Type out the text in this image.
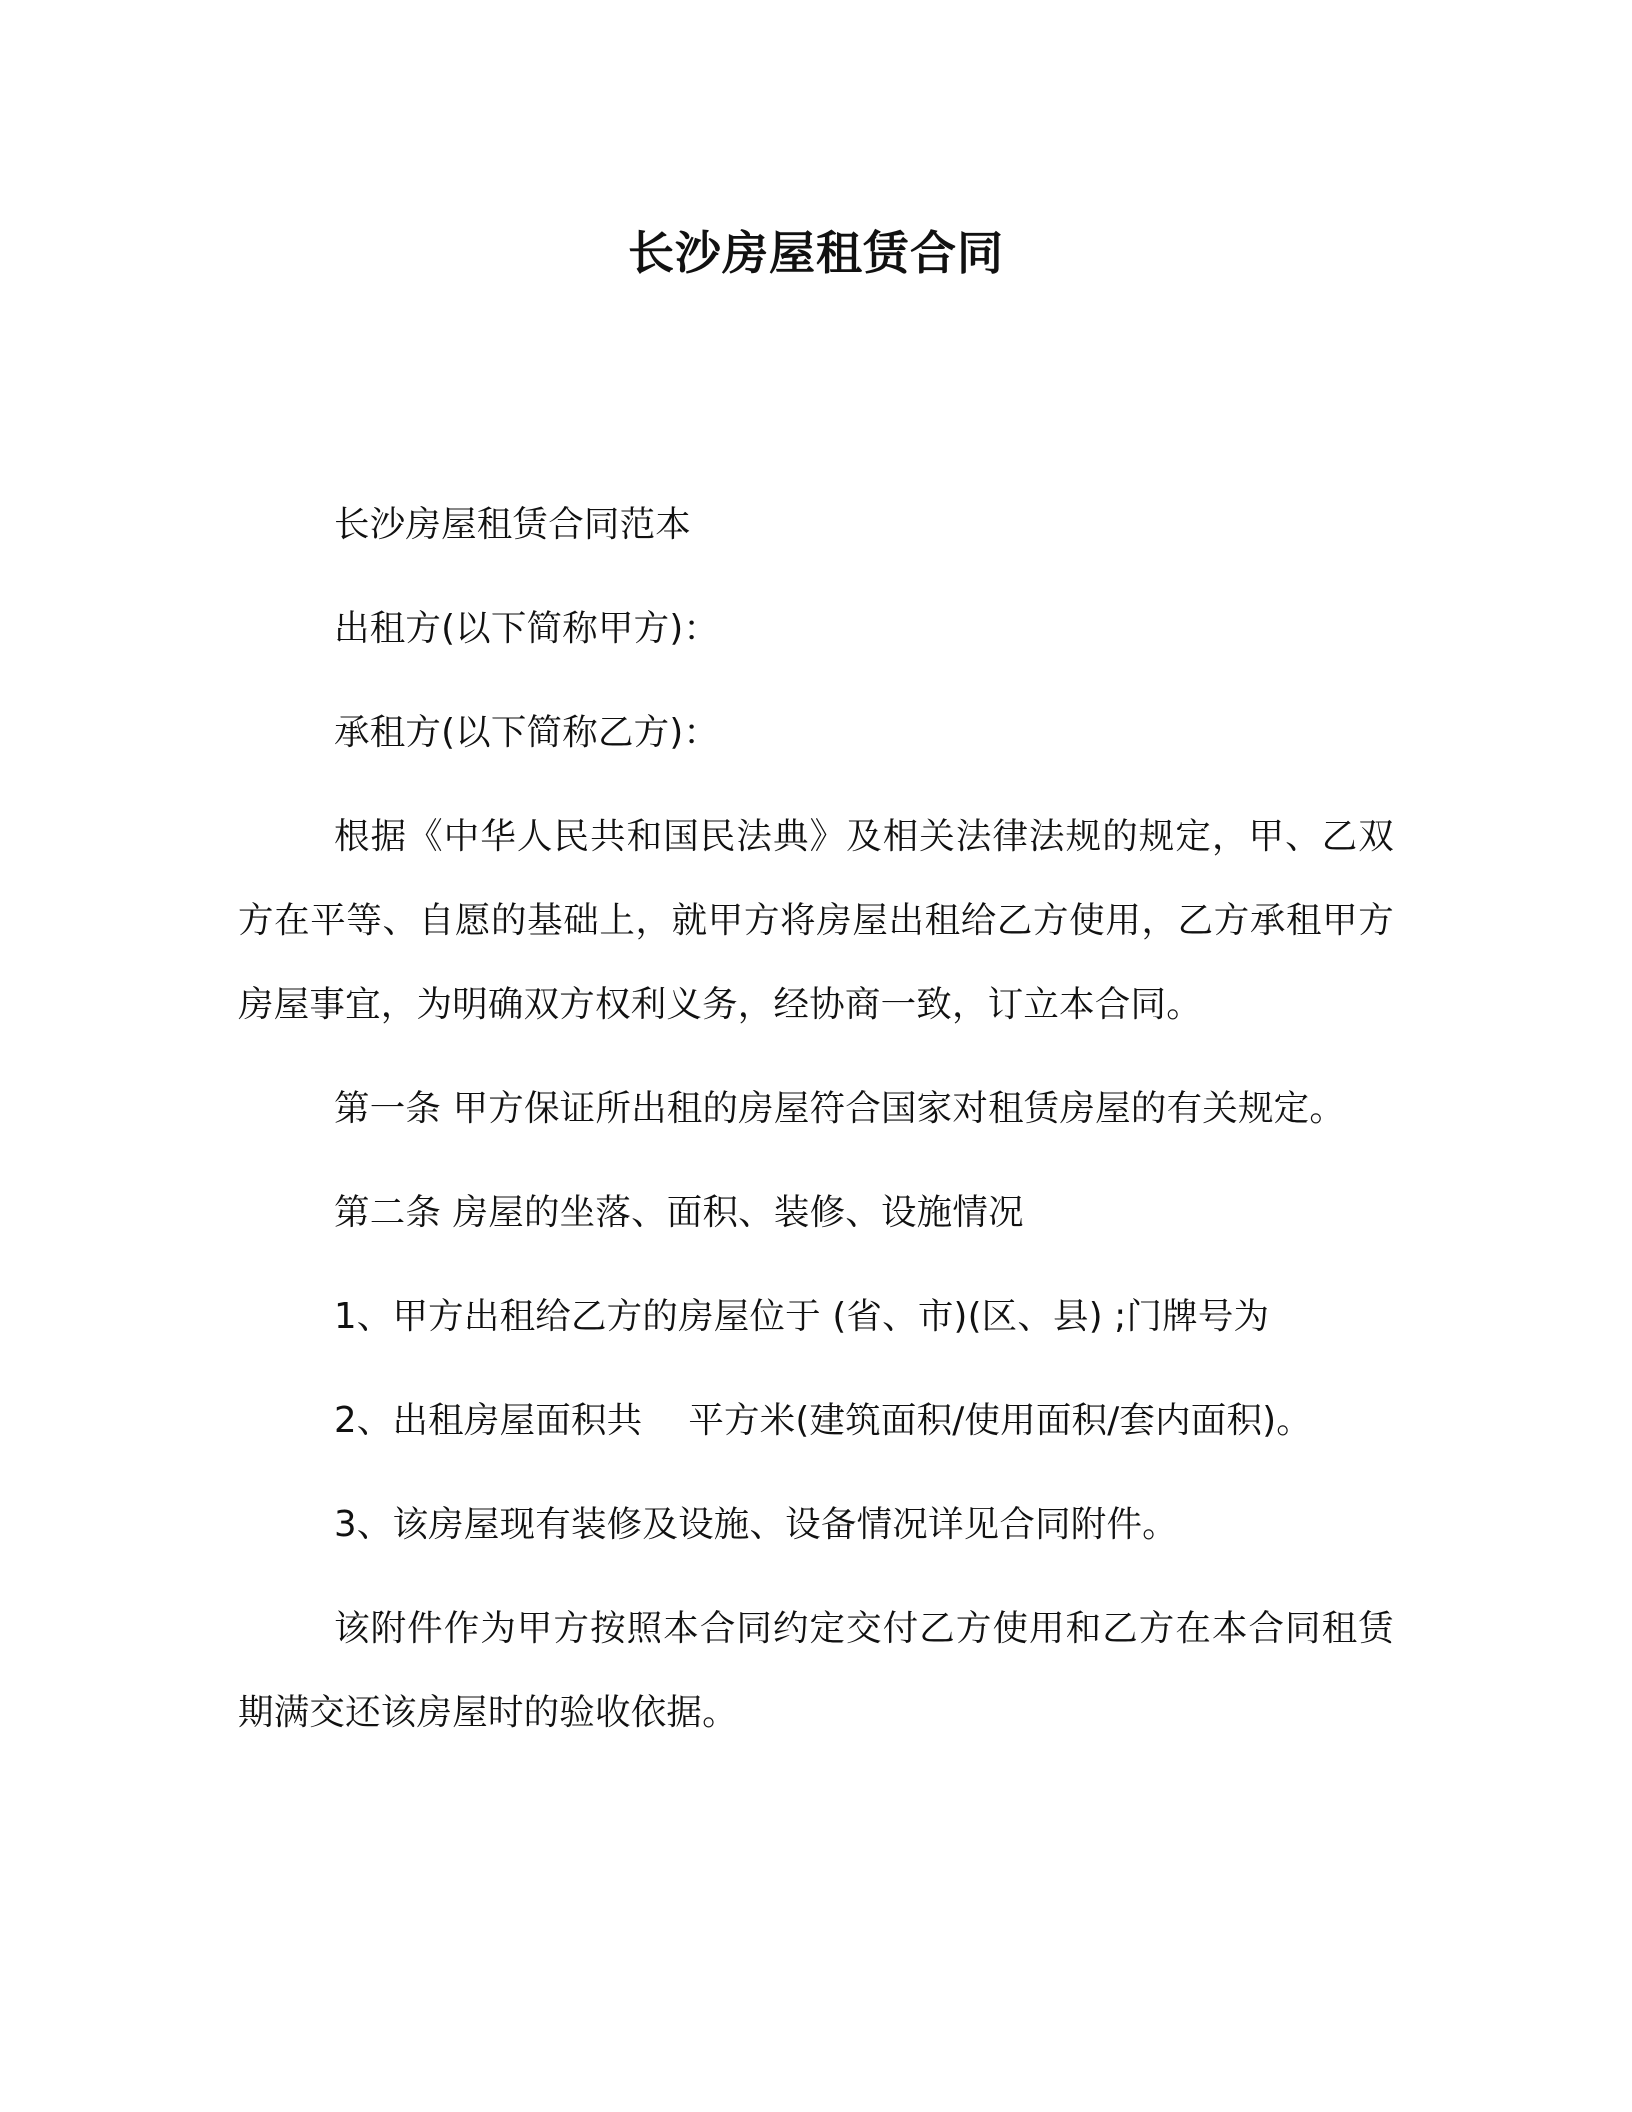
长沙房屋租赁合同

长沙房屋租赁合同范本

出租方(以下简称甲方)：

承租方(以下简称乙方)：

根据《中华人民共和国民法典》及相关法律法规的规定，甲、乙双方在平等、自愿的基础上，就甲方将房屋出租给乙方使用，乙方承租甲方房屋事宜，为明确双方权利义务，经协商一致，订立本合同。

第一条 甲方保证所出租的房屋符合国家对租赁房屋的有关规定。

第二条 房屋的坐落、面积、装修、设施情况

1、甲方出租给乙方的房屋位于 (省、市)(区、县) ;门牌号为

2、出租房屋面积共    平方米(建筑面积/使用面积/套内面积)。

3、该房屋现有装修及设施、设备情况详见合同附件。

该附件作为甲方按照本合同约定交付乙方使用和乙方在本合同租赁期满交还该房屋时的验收依据。
